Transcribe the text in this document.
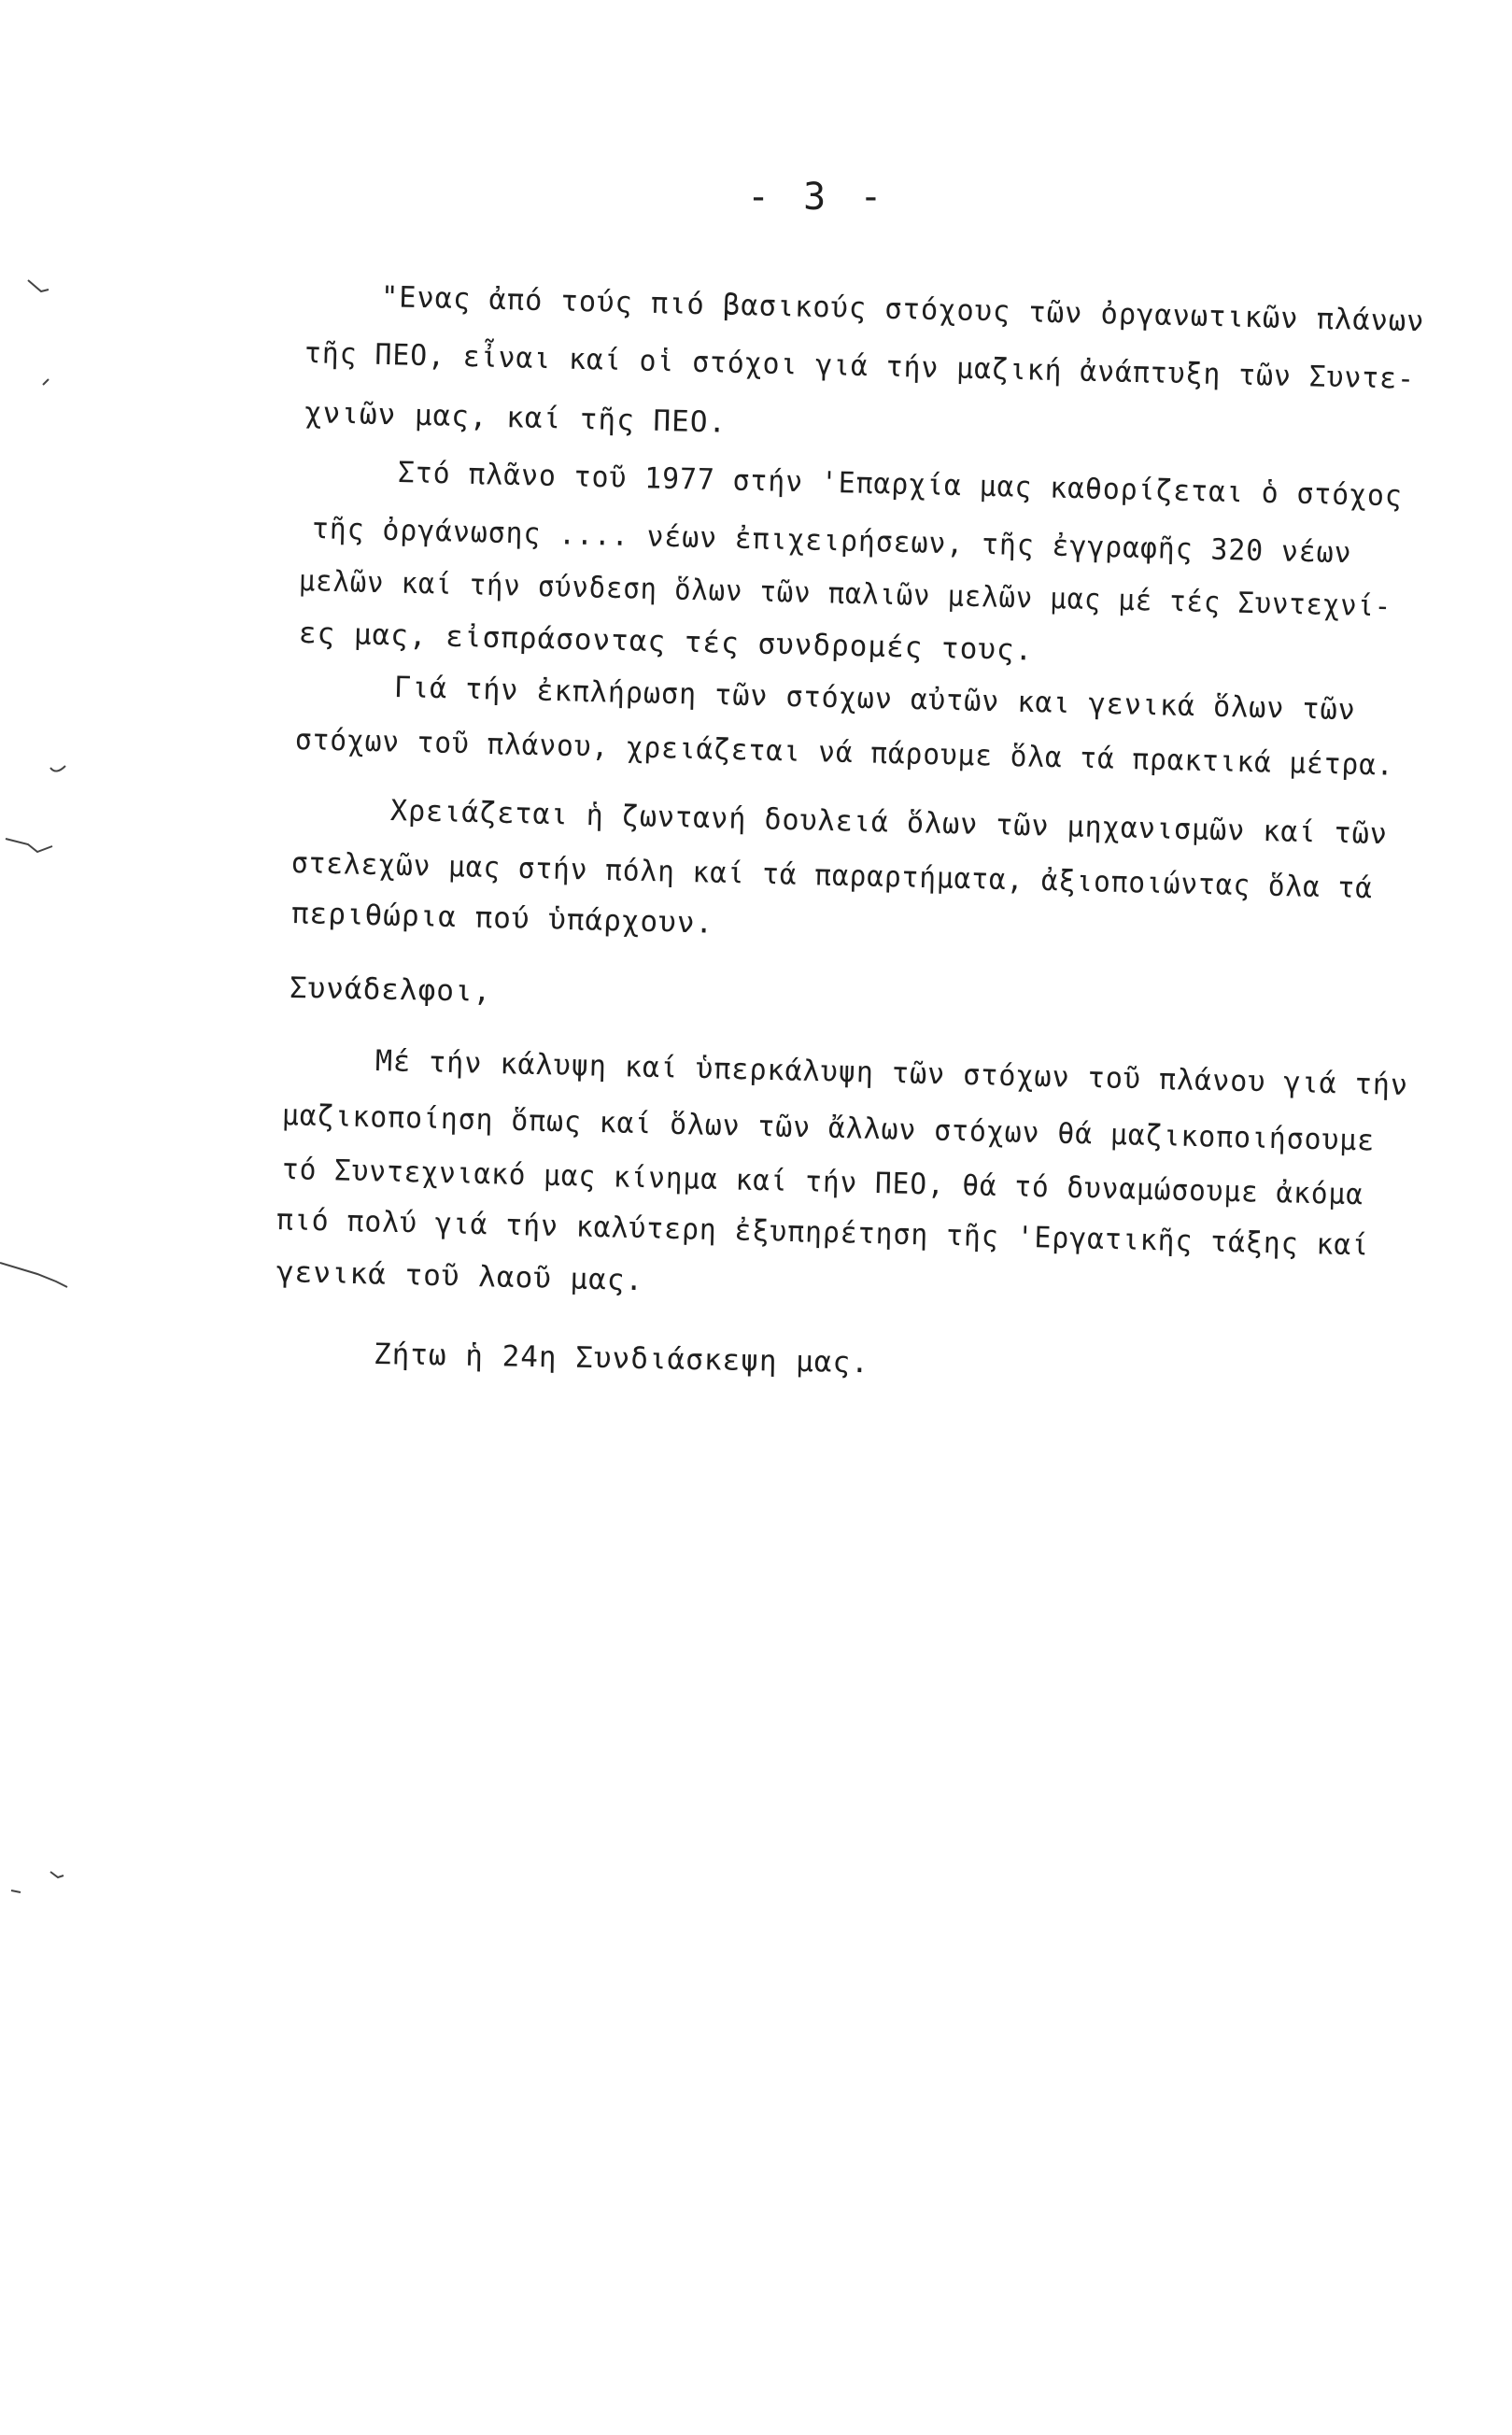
- 3 -
"Ενας ἀπό τούς πιό βασικούς στόχους τῶν ὀργανωτικῶν πλάνων
τῆς ΠΕΟ, εἶναι καί οἱ στόχοι γιά τήν μαζική ἀνάπτυξη τῶν Συντε-
χνιῶν μας, καί τῆς ΠΕΟ.
Στό πλᾶνο τοῦ 1977 στήν 'Επαρχία μας καθορίζεται ὁ στόχος
τῆς ὀργάνωσης .... νέων ἐπιχειρήσεων, τῆς ἐγγραφῆς 320 νέων
μελῶν καί τήν σύνδεση ὅλων τῶν παλιῶν μελῶν μας μέ τές Συντεχνί-
ες μας, εἰσπράσοντας τές συνδρομές τους.
Γιά τήν ἐκπλήρωση τῶν στόχων αὐτῶν και γενικά ὅλων τῶν
στόχων τοῦ πλάνου, χρειάζεται νά πάρουμε ὅλα τά πρακτικά μέτρα.
Χρειάζεται ἡ ζωντανή δουλειά ὅλων τῶν μηχανισμῶν καί τῶν
στελεχῶν μας στήν πόλη καί τά παραρτήματα, ἀξιοποιώντας ὅλα τά
περιθώρια πού ὑπάρχουν.
Συνάδελφοι,
Μέ τήν κάλυψη καί ὑπερκάλυψη τῶν στόχων τοῦ πλάνου γιά τήν
μαζικοποίηση ὅπως καί ὅλων τῶν ἄλλων στόχων θά μαζικοποιήσουμε
τό Συντεχνιακό μας κίνημα καί τήν ΠΕΟ, θά τό δυναμώσουμε ἀκόμα
πιό πολύ γιά τήν καλύτερη ἐξυπηρέτηση τῆς 'Εργατικῆς τάξης καί
γενικά τοῦ λαοῦ μας.
Ζήτω ἡ 24η Συνδιάσκεψη μας.
